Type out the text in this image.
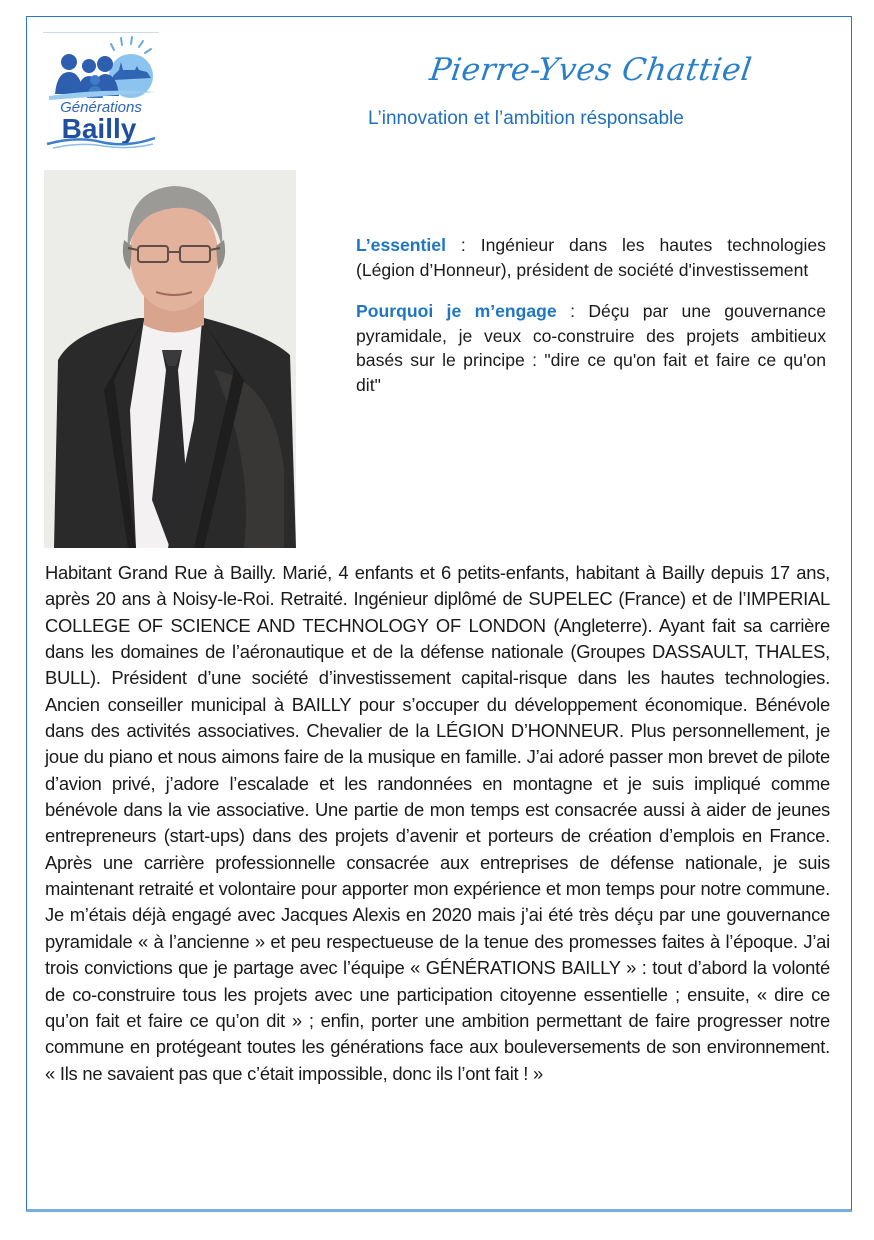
Générations
Bailly
Pierre-Yves Chattiel
L’innovation et l’ambition résponsable

L’essentiel : Ingénieur dans les hautes technologies (Légion d’Honneur), président de société d'investissement

Pourquoi je m’engage : Déçu par une gouvernance pyramidale, je veux co-construire des projets ambitieux basés sur le principe : "dire ce qu'on fait et faire ce qu'on dit"

Habitant Grand Rue à Bailly. Marié, 4 enfants et 6 petits-enfants, habitant à Bailly depuis 17 ans, après 20 ans à Noisy-le-Roi. Retraité. Ingénieur diplômé de SUPELEC (France) et de l’IMPERIAL COLLEGE OF SCIENCE AND TECHNOLOGY OF LONDON (Angleterre). Ayant fait sa carrière dans les domaines de l’aéronautique et de la défense nationale (Groupes DASSAULT, THALES, BULL). Président d’une société d’investissement capital-risque dans les hautes technologies. Ancien conseiller municipal à BAILLY pour s’occuper du développement économique. Bénévole dans des activités associatives. Chevalier de la LÉGION D’HONNEUR. Plus personnellement, je joue du piano et nous aimons faire de la musique en famille. J’ai adoré passer mon brevet de pilote d’avion privé, j’adore l’escalade et les randonnées en montagne et je suis impliqué comme bénévole dans la vie associative. Une partie de mon temps est consacrée aussi à aider de jeunes entrepreneurs (start-ups) dans des projets d’avenir et porteurs de création d’emplois en France. Après une carrière professionnelle consacrée aux entreprises de défense nationale, je suis maintenant retraité et volontaire pour apporter mon expérience et mon temps pour notre commune. Je m’étais déjà engagé avec Jacques Alexis en 2020 mais j’ai été très déçu par une gouvernance pyramidale « à l’ancienne » et peu respectueuse de la tenue des promesses faites à l’époque. J’ai trois convictions que je partage avec l’équipe « GÉNÉRATIONS BAILLY » : tout d’abord la volonté de co-construire tous les projets avec une participation citoyenne essentielle ; ensuite, « dire ce qu’on fait et faire ce qu’on dit » ; enfin, porter une ambition permettant de faire progresser notre commune en protégeant toutes les générations face aux bouleversements de son environnement. « Ils ne savaient pas que c’était impossible, donc ils l’ont fait ! »
